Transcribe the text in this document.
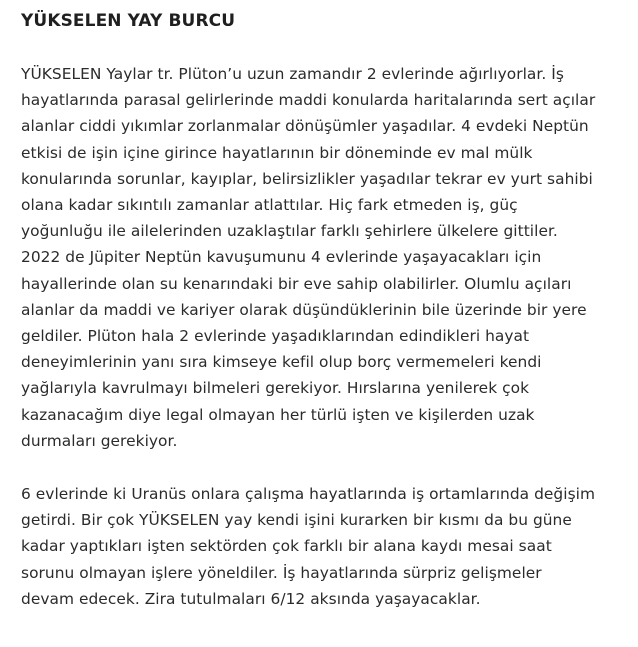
YÜKSELEN YAY BURCU

YÜKSELEN Yaylar tr. Plüton’u uzun zamandır 2 evlerinde ağırlıyorlar. İş
hayatlarında parasal gelirlerinde maddi konularda haritalarında sert açılar
alanlar ciddi yıkımlar zorlanmalar dönüşümler yaşadılar. 4 evdeki Neptün
etkisi de işin içine girince hayatlarının bir döneminde ev mal mülk
konularında sorunlar, kayıplar, belirsizlikler yaşadılar tekrar ev yurt sahibi
olana kadar sıkıntılı zamanlar atlattılar. Hiç fark etmeden iş, güç
yoğunluğu ile ailelerinden uzaklaştılar farklı şehirlere ülkelere gittiler.
2022 de Jüpiter Neptün kavuşumunu 4 evlerinde yaşayacakları için
hayallerinde olan su kenarındaki bir eve sahip olabilirler. Olumlu açıları
alanlar da maddi ve kariyer olarak düşündüklerinin bile üzerinde bir yere
geldiler. Plüton hala 2 evlerinde yaşadıklarından edindikleri hayat
deneyimlerinin yanı sıra kimseye kefil olup borç vermemeleri kendi
yağlarıyla kavrulmayı bilmeleri gerekiyor. Hırslarına yenilerek çok
kazanacağım diye legal olmayan her türlü işten ve kişilerden uzak
durmaları gerekiyor.

6 evlerinde ki Uranüs onlara çalışma hayatlarında iş ortamlarında değişim
getirdi. Bir çok YÜKSELEN yay kendi işini kurarken bir kısmı da bu güne
kadar yaptıkları işten sektörden çok farklı bir alana kaydı mesai saat
sorunu olmayan işlere yöneldiler. İş hayatlarında sürpriz gelişmeler
devam edecek. Zira tutulmaları 6/12 aksında yaşayacaklar.
